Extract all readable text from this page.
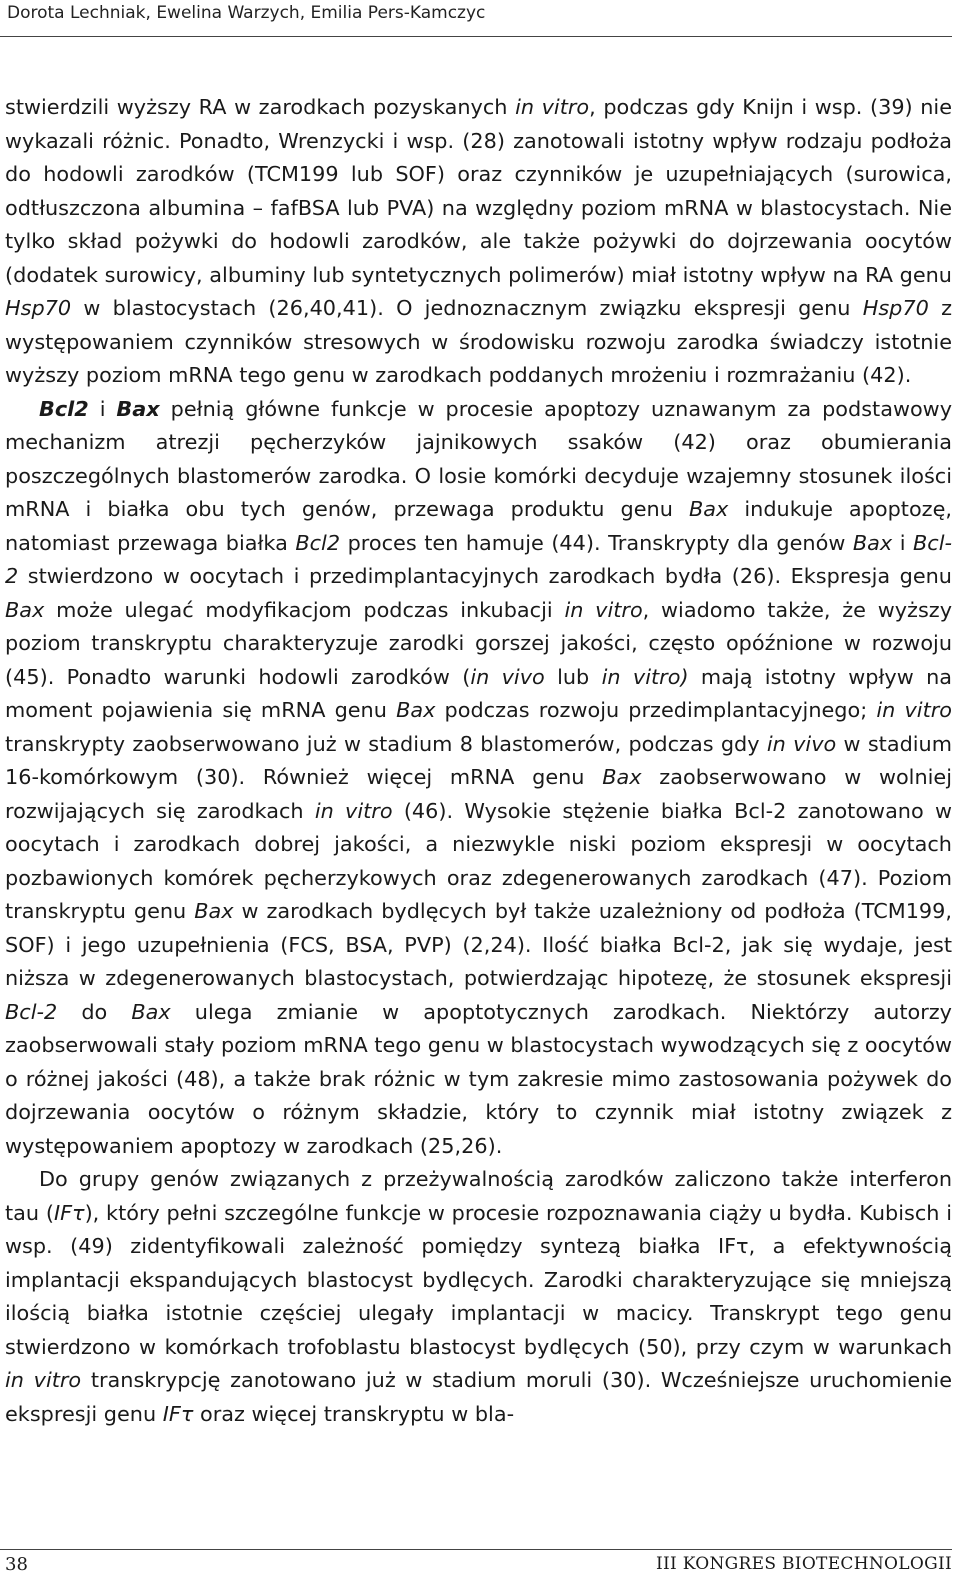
Dorota Lechniak, Ewelina Warzych, Emilia Pers-Kamczyc

stwierdzili wyższy RA w zarodkach pozyskanych in vitro, podczas gdy Knijn i wsp. (39) nie wykazali różnic. Ponadto, Wrenzycki i wsp. (28) zanotowali istotny wpływ rodzaju podłoża do hodowli zarodków (TCM199 lub SOF) oraz czynników je uzupełniających (surowica, odtłuszczona albumina – fafBSA lub PVA) na względny poziom mRNA w blastocystach. Nie tylko skład pożywki do hodowli zarodków, ale także pożywki do dojrzewania oocytów (dodatek surowicy, albuminy lub syntetycznych polimerów) miał istotny wpływ na RA genu Hsp70 w blastocystach (26,40,41). O jednoznacznym związku ekspresji genu Hsp70 z występowaniem czynników stresowych w środowisku rozwoju zarodka świadczy istotnie wyższy poziom mRNA tego genu w zarodkach poddanych mrożeniu i rozmrażaniu (42).

Bcl2 i Bax pełnią główne funkcje w procesie apoptozy uznawanym za podstawowy mechanizm atrezji pęcherzyków jajnikowych ssaków (42) oraz obumierania poszczególnych blastomerów zarodka. O losie komórki decyduje wzajemny stosunek ilości mRNA i białka obu tych genów, przewaga produktu genu Bax indukuje apoptozę, natomiast przewaga białka Bcl2 proces ten hamuje (44). Transkrypty dla genów Bax i Bcl-2 stwierdzono w oocytach i przedimplantacyjnych zarodkach bydła (26). Ekspresja genu Bax może ulegać modyfikacjom podczas inkubacji in vitro, wiadomo także, że wyższy poziom transkryptu charakteryzuje zarodki gorszej jakości, często opóźnione w rozwoju (45). Ponadto warunki hodowli zarodków (in vivo lub in vitro) mają istotny wpływ na moment pojawienia się mRNA genu Bax podczas rozwoju przedimplantacyjnego; in vitro transkrypty zaobserwowano już w stadium 8 blastomerów, podczas gdy in vivo w stadium 16-komórkowym (30). Również więcej mRNA genu Bax zaobserwowano w wolniej rozwijających się zarodkach in vitro (46). Wysokie stężenie białka Bcl-2 zanotowano w oocytach i zarodkach dobrej jakości, a niezwykle niski poziom ekspresji w oocytach pozbawionych komórek pęcherzykowych oraz zdegenerowanych zarodkach (47). Poziom transkryptu genu Bax w zarodkach bydlęcych był także uzależniony od podłoża (TCM199, SOF) i jego uzupełnienia (FCS, BSA, PVP) (2,24). Ilość białka Bcl-2, jak się wydaje, jest niższa w zdegenerowanych blastocystach, potwierdzając hipotezę, że stosunek ekspresji Bcl-2 do Bax ulega zmianie w apoptotycznych zarodkach. Niektórzy autorzy zaobserwowali stały poziom mRNA tego genu w blastocystach wywodzących się z oocytów o różnej jakości (48), a także brak różnic w tym zakresie mimo zastosowania pożywek do dojrzewania oocytów o różnym składzie, który to czynnik miał istotny związek z występowaniem apoptozy w zarodkach (25,26).

Do grupy genów związanych z przeżywalnością zarodków zaliczono także interferon tau (IFτ), który pełni szczególne funkcje w procesie rozpoznawania ciąży u bydła. Kubisch i wsp. (49) zidentyfikowali zależność pomiędzy syntezą białka IFτ, a efektywnością implantacji ekspandujących blastocyst bydlęcych. Zarodki charakteryzujące się mniejszą ilością białka istotnie częściej ulegały implantacji w macicy. Transkrypt tego genu stwierdzono w komórkach trofoblastu blastocyst bydlęcych (50), przy czym w warunkach in vitro transkrypcję zanotowano już w stadium moruli (30). Wcześniejsze uruchomienie ekspresji genu IFτ oraz więcej transkryptu w bla-

38	III KONGRES BIOTECHNOLOGII
